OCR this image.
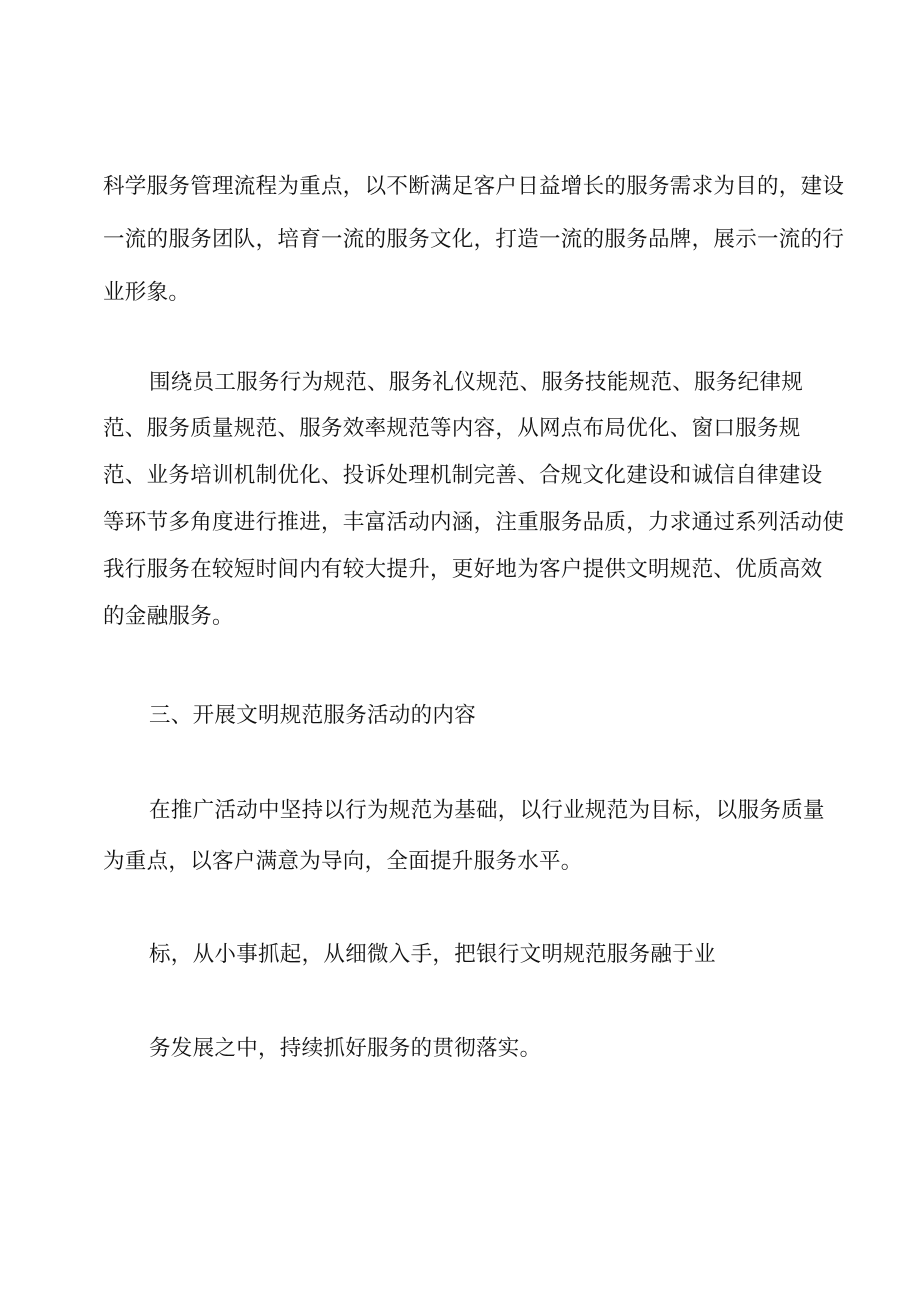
科学服务管理流程为重点，以不断满足客户日益增长的服务需求为目的，建设
一流的服务团队，培育一流的服务文化，打造一流的服务品牌，展示一流的行
业形象。
围绕员工服务行为规范、服务礼仪规范、服务技能规范、服务纪律规
范、服务质量规范、服务效率规范等内容，从网点布局优化、窗口服务规
范、业务培训机制优化、投诉处理机制完善、合规文化建设和诚信自律建设
等环节多角度进行推进，丰富活动内涵，注重服务品质，力求通过系列活动使
我行服务在较短时间内有较大提升，更好地为客户提供文明规范、优质高效
的金融服务。
三、开展文明规范服务活动的内容
在推广活动中坚持以行为规范为基础，以行业规范为目标，以服务质量
为重点，以客户满意为导向，全面提升服务水平。
标，从小事抓起，从细微入手，把银行文明规范服务融于业
务发展之中，持续抓好服务的贯彻落实。
